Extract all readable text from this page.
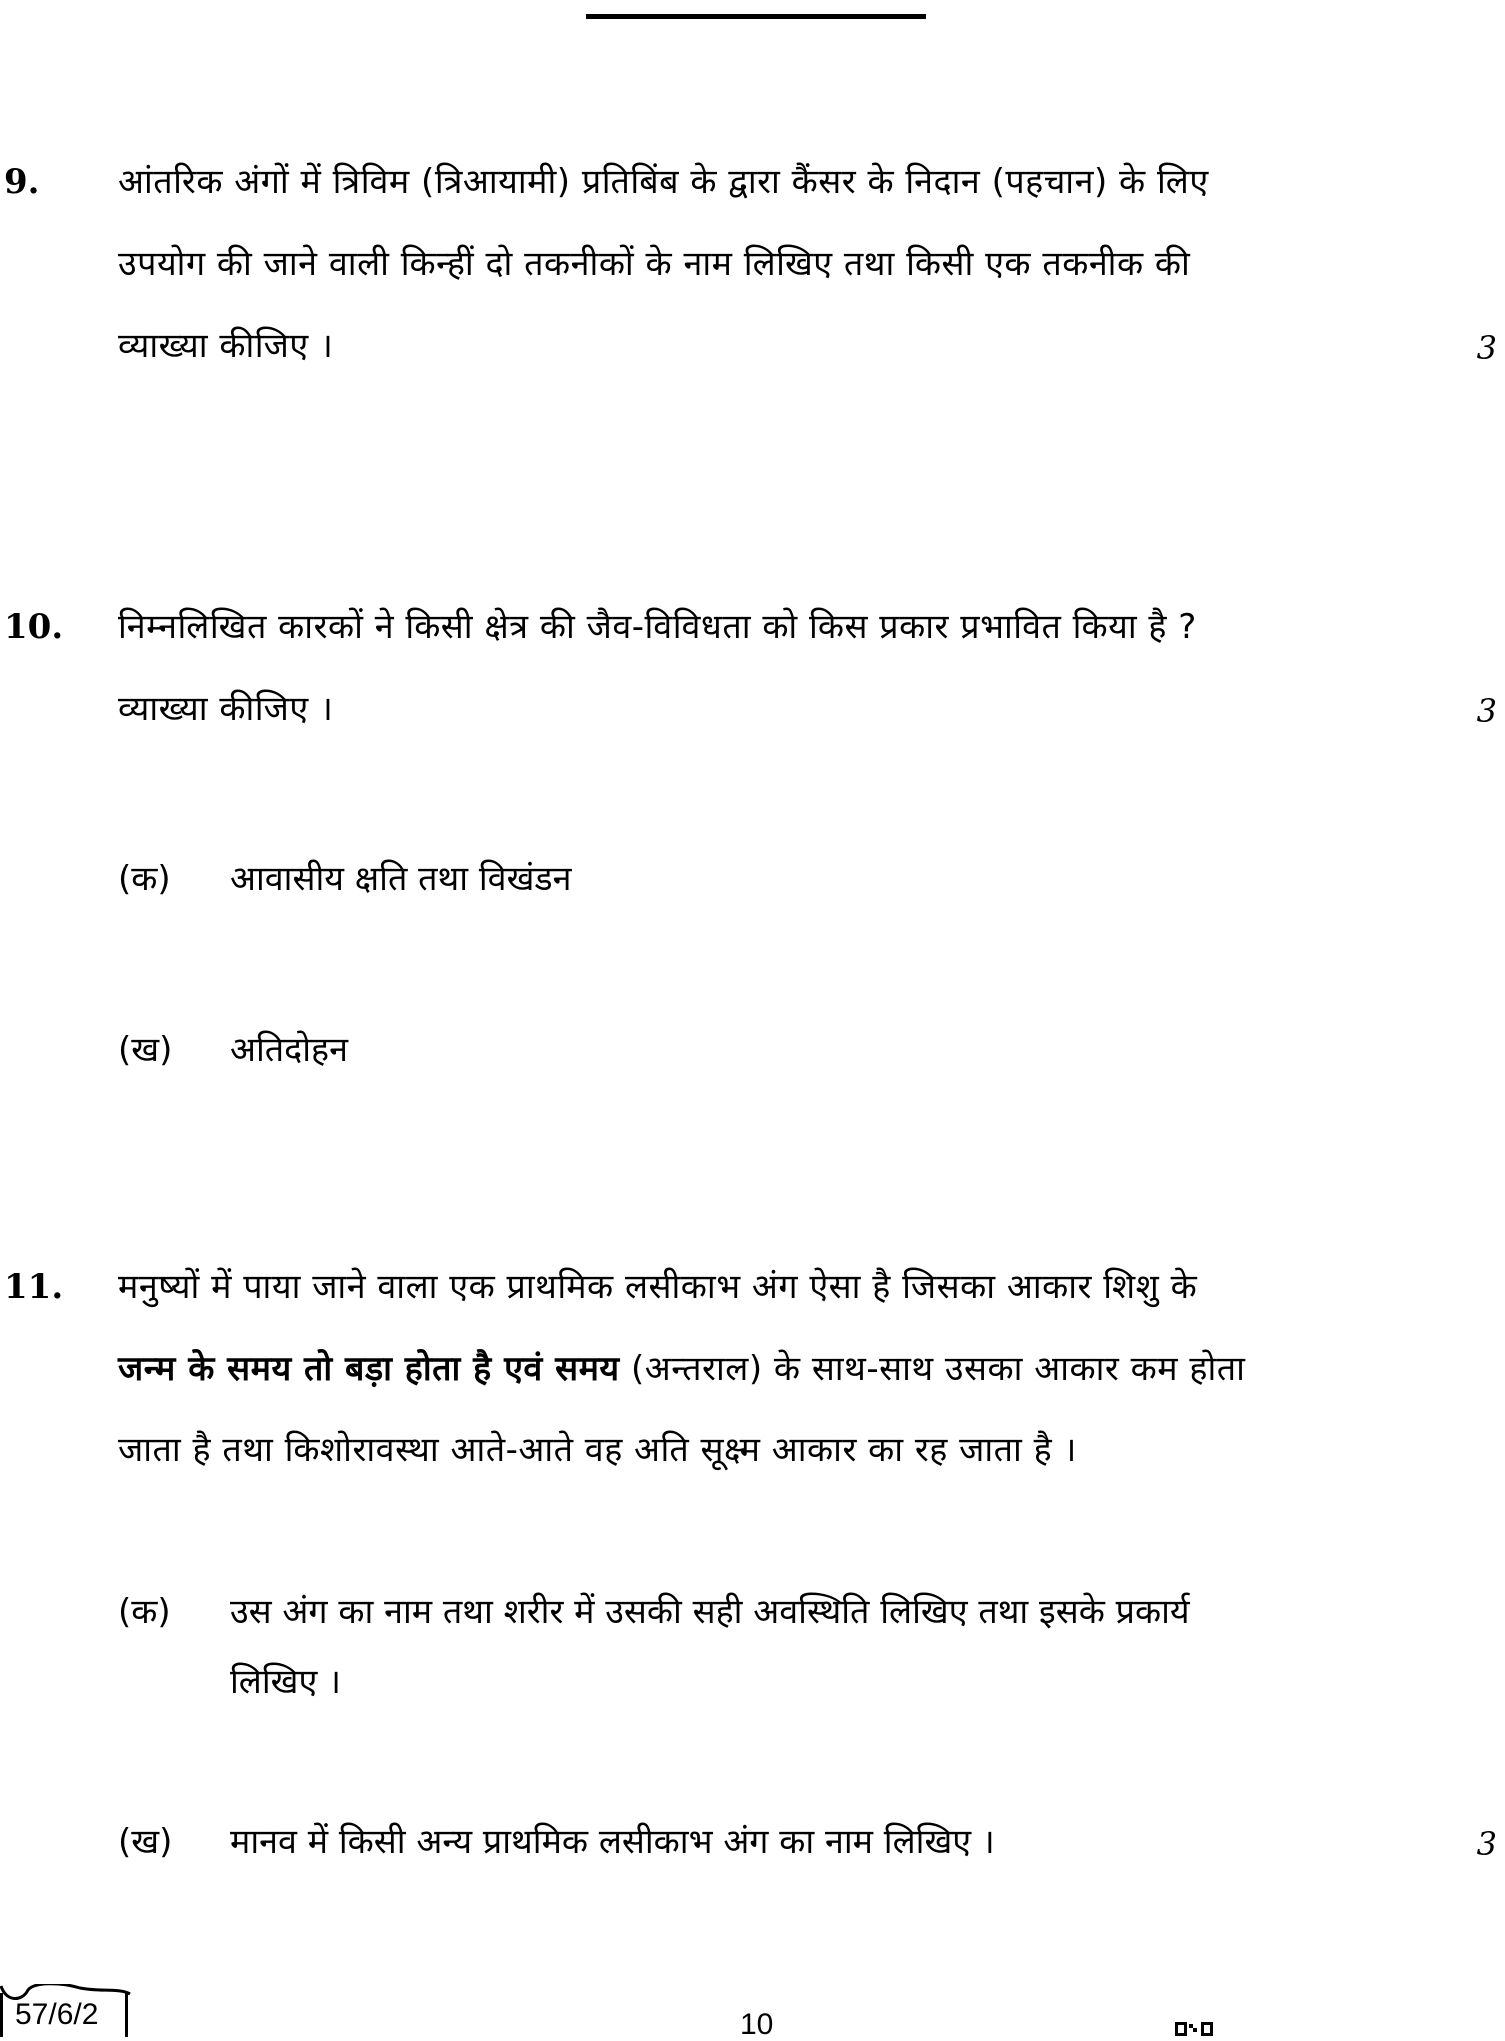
9. आंतरिक अंगों में त्रिविम (त्रिआयामी) प्रतिबिंब के द्वारा कैंसर के निदान (पहचान) के लिए
उपयोग की जाने वाली किन्हीं दो तकनीकों के नाम लिखिए तथा किसी एक तकनीक की
व्याख्या कीजिए ।	3
10. निम्नलिखित कारकों ने किसी क्षेत्र की जैव-विविधता को किस प्रकार प्रभावित किया है ?
व्याख्या कीजिए ।	3
(क) आवासीय क्षति तथा विखंडन
(ख) अतिदोहन
11. मनुष्यों में पाया जाने वाला एक प्राथमिक लसीकाभ अंग ऐसा है जिसका आकार शिशु के
जन्म के समय तो बड़ा होता है एवं समय (अन्तराल) के साथ-साथ उसका आकार कम होता
जाता है तथा किशोरावस्था आते-आते वह अति सूक्ष्म आकार का रह जाता है ।
(क) उस अंग का नाम तथा शरीर में उसकी सही अवस्थिति लिखिए तथा इसके प्रकार्य
लिखिए ।
(ख) मानव में किसी अन्य प्राथमिक लसीकाभ अंग का नाम लिखिए ।	3
57/6/2	10
